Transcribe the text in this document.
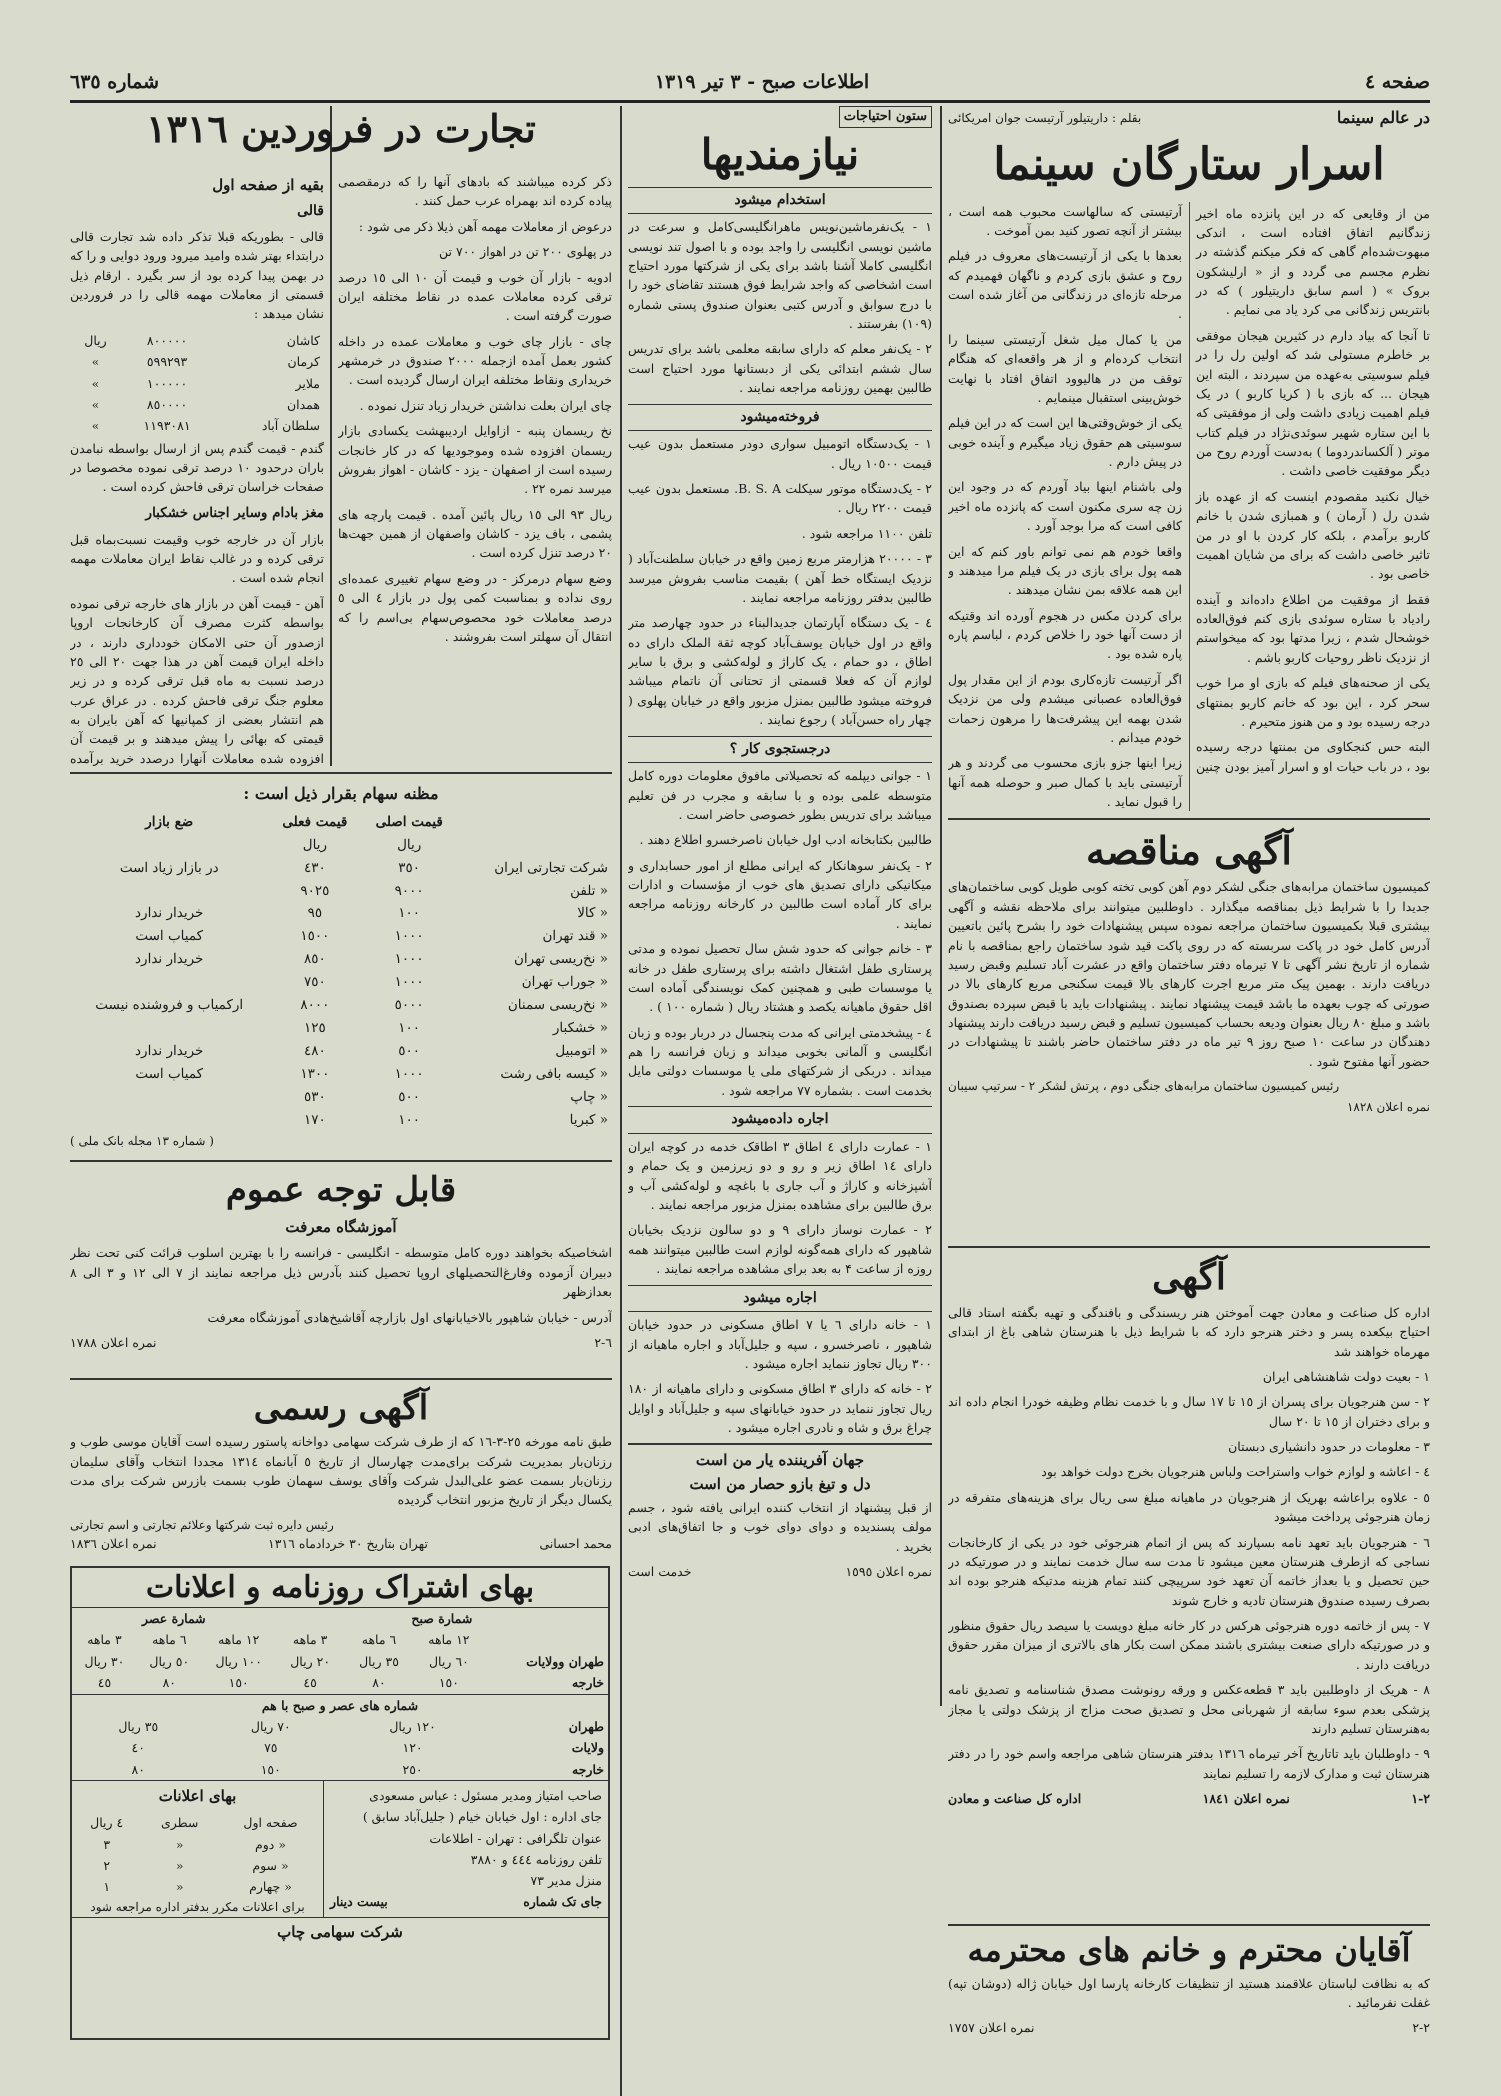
صفحه ٤
اطلاعات صبح - ٣ تیر ١٣١٩
شماره ٦٣٥
در عالم سینما
بقلم : داریتیلور آرتیست جوان امریکائی
اسرار ستارگان سینما

من از وقایعی که در این پانزده ماه اخیر زندگانیم اتفاق افتاده است ، اندکی مبهوت‌شده‌ام گاهی که فکر میکنم گذشته در نظرم مجسم می گردد و از « ارلیشکون بروک » ( اسم سابق داریتیلور ) که در بانتریس زندگانی می کرد یاد می نمایم .

تا آنجا که بیاد دارم در کثیرین هیجان موفقی بر خاطرم مستولی شد که اولین رل را در فیلم سوسیتی به‌عهده من سپردند ، البته این هیجان ... که بازی با ( کریا کاربو ) در یک فیلم اهمیت زیادی داشت ولی از موفقیتی که با این ستاره شهیر سوئدی‌نژاد در فیلم کتاب موتر ( آلکساندردوما ) به‌دست آوردم روح من دیگر موفقیت خاصی داشت .

خیال نکنید مقصودم اینست که از عهده باز شدن رل ( آرمان ) و همبازی شدن با خانم کاربو برآمدم ، بلکه کار کردن با او در من تاثیر خاصی داشت که برای من شایان اهمیت خاصی بود .

فقط از موفقیت من اطلاع داده‌اند و آینده رادیاد با ستاره سوئدی بازی کنم فوق‌العاده خوشحال شدم ، زیرا مدتها بود که میخواستم از نزدیک ناظر روحیات کاربو باشم .

یکی از صحنه‌های فیلم که بازی او مرا خوب سحر کرد ، این بود که خانم کاربو بمنتهای درجه رسیده بود و من هنوز متحیرم .

البته حس کنجکاوی من بمنتها درجه رسیده بود ، در باب حیات او و اسرار آمیز بودن چنین آرتیستی که سالهاست محبوب همه است ، بیشتر از آنچه تصور کنید بمن آموخت .

بعدها با یکی از آرتیست‌های معروف در فیلم روح و عشق بازی کردم و ناگهان فهمیدم که مرحله تازه‌ای در زندگانی من آغاز شده است .

من یا کمال میل شغل آرتیستی سینما را انتخاب کرده‌ام و از هر واقعه‌ای که هنگام توقف من در هالیوود اتفاق افتاد با نهایت خوش‌بینی استقبال مینمایم .

یکی از خوش‌وقتی‌ها این است که در این فیلم سوسیتی هم حقوق زیاد میگیرم و آینده خوبی در پیش دارم .

ولی باشنام اینها بیاد آوردم که در وجود این زن چه سری مکنون است که پانزده ماه اخیر کافی است که مرا بوجد آورد .

واقعا خودم هم نمی توانم باور کنم که این همه پول برای بازی در یک فیلم مرا میدهند و این همه علاقه بمن نشان میدهند .

برای کردن مکس در هجوم آورده اند وقتیکه از دست آنها خود را خلاص کردم ، لباسم پاره پاره شده بود .

اگر آرتیست تازه‌کاری بودم از این مقدار پول فوق‌العاده عصبانی میشدم ولی من نزدیک شدن بهمه این پیشرفت‌ها را مرهون زحمات خودم میدانم .

زیرا اینها جزو بازی محسوب می گردند و هر آرتیستی باید با کمال صبر و حوصله همه آنها را قبول نماید .

آگهی مناقصه

کمیسیون ساختمان مرابه‌های جنگی لشکر دوم آهن کوبی تخته کوبی طویل کوبی ساختمان‌های جدیدا را با شرایط ذیل بمناقصه میگذارد . داوطلبین میتوانند برای ملاحظه نقشه و آگهی بیشتری قبلا بکمیسیون ساختمان مراجعه نموده سپس پیشنهادات خود را بشرح پائین باتعیین آدرس کامل خود در پاکت سربسته که در روی پاکت قید شود ساختمان راجع بمناقصه با نام شماره از تاریخ نشر آگهی تا ٧ تیرماه دفتر ساختمان واقع در عشرت آباد تسلیم وقبض رسید دریافت دارند . بهمین پیک متر مربع اجرت کارهای بالا قیمت سکنجی مربع کارهای بالا در صورتی که چوب بعهده ما باشد قیمت پیشنهاد نمایند . پیشنهادات باید با قبض سپرده بصندوق باشد و مبلغ ٨٠ ریال بعنوان ودیعه بحساب کمیسیون تسلیم و قبض رسید دریافت دارند پیشنهاد دهندگان در ساعت ١٠ صبح روز ٩ تیر ماه در دفتر ساختمان حاضر باشند تا پیشنهادات در حضور آنها مفتوح شود .

رئیس کمیسیون ساختمان مرابه‌های جنگی دوم ، پرتش لشکر ٢ - سرتیپ سیبان
نمره اعلان ١٨٢٨
آگهی

اداره کل صناعت و معادن جهت آموختن هنر ریسندگی و بافندگی و تهیه بگفته استاد قالی احتیاج بیکعده پسر و دختر هنرجو دارد که با شرایط ذیل با هنرستان شاهی باغ از ابتدای مهرماه خواهند شد

١ - بعیت دولت شاهنشاهی ایران

٢ - سن هنرجویان برای پسران از ١٥ تا ١٧ سال و با خدمت نظام وظیفه خودرا انجام داده اند و برای دختران از ١٥ تا ٢٠ سال

٣ - معلومات در حدود دانشیاری دبستان

٤ - اعاشه و لوازم خواب واستراحت ولباس هنرجویان بخرج دولت خواهد بود

٥ - علاوه براعاشه بهریک از هنرجویان در ماهیانه مبلغ سی ریال برای هزینه‌های متفرقه در زمان هنرجوئی پرداخت میشود

٦ - هنرجویان باید تعهد نامه بسپارند که پس از اتمام هنرجوئی خود در یکی از کارخانجات نساجی که ازطرف هنرستان معین میشود تا مدت سه سال خدمت نمایند و در صورتیکه در حین تحصیل و یا بعداز خاتمه آن تعهد خود سرپیچی کنند تمام هزینه مدتیکه هنرجو بوده اند بصرف رسیده صندوق هنرستان تادیه و خارج شوند

٧ - پس از خاتمه دوره هنرجوئی هرکس در کار خانه مبلغ دویست یا سیصد ریال حقوق منظور و در صورتیکه دارای صنعت بیشتری باشند ممکن است بکار های بالاتری از میزان مقرر حقوق دریافت دارند .

٨ - هریک از داوطلبین باید ٣ قطعه‌عکس و ورقه رونوشت مصدق شناسنامه و تصدیق نامه پزشکی بعدم سوء سابقه از شهربانی محل و تصدیق صحت مزاج از پزشک دولتی یا مجاز به‌هنرستان تسلیم دارند

٩ - داوطلبان باید تاتاریخ آخر تیرماه ١٣١٦ بدفتر هنرستان شاهی مراجعه واسم خود را در دفتر هنرستان ثبت و مدارک لازمه را تسلیم نمایند

٢-١
نمره اعلان ١٨٤١
اداره کل صناعت و معادن
آقایان محترم و خانم های محترمه

که به نظافت لباستان علاقمند هستید از تنظیفات کارخانه پارسا اول خیابان ژاله (دوشان تپه) غفلت نفرمائید .

٢-٢
نمره اعلان ١٧٥٧
ستون احتیاجات
نیازمندیها
استخدام میشود

١ - یک‌نفرماشین‌نویس ماهرانگلیسی‌کامل و سرعت در ماشین نویسی انگلیسی را واجد بوده و با اصول تند نویسی انگلیسی کاملا آشنا باشد برای یکی از شرکتها مورد احتیاج است اشخاصی که واجد شرایط فوق هستند تقاضای خود را با درج سوابق و آدرس کتبی بعنوان صندوق پستی شماره (١٠٩) بفرستند .

٢ - یک‌نفر معلم که دارای سابقه معلمی باشد برای تدریس سال ششم ابتدائی یکی از دبستانها مورد احتیاج است طالبین بهمین روزنامه مراجعه نمایند .

فروخته‌میشود

١ - یک‌دستگاه اتومبیل سواری دودر مستعمل بدون عیب قیمت ١٠٥٠٠ ریال .

٢ - یک‌دستگاه موتور سیکلت B. S. A. مستعمل بدون عیب قیمت ٢٢٠٠ ریال .

تلفن ١١٠٠ مراجعه شود .

٣ - ٢٠٠٠٠ هزارمتر مربع زمین واقع در خیابان سلطنت‌آباد ( نزدیک ایستگاه خط آهن ) بقیمت مناسب بفروش میرسد طالبین بدفتر روزنامه مراجعه نمایند .

٤ - یک دستگاه آپارتمان جدیدالبناء در حدود چهارصد متر واقع در اول خیابان یوسف‌آباد کوچه ثقة الملک دارای ده اطاق ، دو حمام ، یک کاراژ و لوله‌کشی و برق با سایر لوازم آن که فعلا قسمتی از تحتانی آن ناتمام میباشد فروخته میشود طالبین بمنزل مزبور واقع در خیابان پهلوی ( چهار راه حسن‌آباد ) رجوع نمایند .

درجستجوی کار ؟

١ - جوانی دیپلمه که تحصیلاتی مافوق معلومات دوره کامل متوسطه علمی بوده و با سابقه و مجرب در فن تعلیم میباشد برای تدریس بطور خصوصی حاضر است .

طالبین بکتابخانه ادب اول خیابان ناصرخسرو اطلاع دهند .

٢ - یک‌نفر سوهانکار که ایرانی مطلع از امور حسابداری و میکانیکی دارای تصدیق های خوب از مؤسسات و ادارات برای کار آماده است طالبین در کارخانه روزنامه مراجعه نمایند .

٣ - خانم جوانی که حدود شش سال تحصیل نموده و مدتی پرستاری طفل اشتغال داشته برای پرستاری طفل در خانه یا موسسات طبی و همچنین کمک نویسندگی آماده است اقل حقوق ماهیانه یکصد و هشتاد ریال ( شماره ١٠٠ ) .

٤ - پیشخدمتی ایرانی که مدت پنجسال در دربار بوده و زبان انگلیسی و آلمانی بخوبی میداند و زبان فرانسه را هم میداند . دربکی از شرکتهای ملی یا موسسات دولتی مایل بخدمت است . بشماره ٧٧ مراجعه شود .

اجاره داده‌میشود

١ - عمارت دارای ٤ اطاق ٣ اطاقک خدمه در کوچه ایران دارای ١٤ اطاق زیر و رو و دو زیرزمین و یک حمام و آشپزخانه و کاراژ و آب جاری با باغچه و لوله‌کشی آب و برق طالبین برای مشاهده بمنزل مزبور مراجعه نمایند .

٢ - عمارت نوساز دارای ٩ و دو سالون نزدیک بخیابان شاهپور که دارای همه‌گونه لوازم است طالبین میتوانند همه روزه از ساعت ۴ به بعد برای مشاهده مراجعه نمایند .

اجاره میشود

١ - خانه دارای ٦ یا ٧ اطاق مسکونی در حدود خیابان شاهپور ، ناصرخسرو ، سپه و جلیل‌آباد و اجاره ماهیانه از ٣٠٠ ریال تجاوز ننماید اجاره میشود .

٢ - خانه که دارای ٣ اطاق مسکونی و دارای ماهیانه از ١٨٠ ریال تجاوز ننماید در حدود خیابانهای سپه و جلیل‌آباد و اوایل چراغ برق و شاه و نادری اجاره میشود .

جهان آفریننده یار من است
دل و تیغ بازو حصار من است

از قبل پیشنهاد از انتخاب کننده ایرانی یافته شود ، جسم مولف پسندیده و دوای دوای خوب و جا اتفاق‌های ادبی بخرید .

نمره اعلان ١٥٩٥
خدمت است
تجارت در فروردین ١٣١٦

ذکر کرده میباشند که بادهای آنها را که درمقصمی پیاده کرده اند بهمراه عرب حمل کنند .

درعوض از معاملات مهمه آهن ذیلا ذکر می شود :

در پهلوی ٢٠٠ تن در اهواز ٧٠٠ تن

ادویه - بازار آن خوب و قیمت آن ١٠ الی ١٥ درصد ترقی کرده معاملات عمده در نقاط مختلفه ایران صورت گرفته است .

چای - بازار چای خوب و معاملات عمده در داخله کشور بعمل آمده ازجمله ٢٠٠٠ صندوق در خرمشهر خریداری ونقاط مختلفه ایران ارسال گردیده است .

چای ایران بعلت نداشتن خریدار زیاد تنزل نموده .

نخ ریسمان پنبه - ازاوایل اردیبهشت یکسادی بازار ریسمان افزوده شده وموجودیها که در کار خانجات رسیده است از اصفهان - یزد - کاشان - اهواز بفروش میرسد نمره ٢٢ .

ریال ٩٣ الی ١٥ ریال پائین آمده . قیمت پارچه های پشمی ، باف یزد - کاشان واصفهان از همین جهت‌ها ٢٠ درصد تنزل کرده است .

وضع سهام درمرکز - در وضع سهام تغییری عمده‌ای روی نداده و بمناسبت کمی پول در بازار ٤ الی ٥ درصد معاملات خود محصوص‌سهام بی‌اسم را که انتقال آن سهلتر است بفروشند .

بقیه از صفحه اول
قالی

قالی - بطوریکه قبلا تذکر داده شد تجارت قالی درابتداء بهتر شده وامید میرود ورود دوایی و را که در بهمن پیدا کرده بود از سر بگیرد . ارقام ذیل قسمتی از معاملات مهمه قالی را در فروردین نشان میدهد :

کاشان	٨٠٠٠٠٠	ریال
کرمان	٥٩٩٢٩٣	»
ملایر	١٠٠٠٠٠	»
همدان	٨٥٠٠٠٠	»
سلطان آباد	١١٩٣٠٨١	»

گندم - قیمت گندم پس از ارسال بواسطه نبامدن باران درحدود ١٠ درصد ترقی نموده مخصوصا در صفحات خراسان ترقی فاحش کرده است .

مغز بادام وسایر اجناس خشکبار

بازار آن در خارجه خوب وقیمت نسبت‌بماه قبل ترقی کرده و در غالب نقاط ایران معاملات مهمه انجام شده است .

آهن - قیمت آهن در بازار های خارجه ترقی نموده بواسطه کثرت مصرف آن کارخانجات اروپا ازصدور آن حتی الامکان خودداری دارند ، در داخله ایران قیمت آهن در هذا جهت ٢٠ الی ٢٥ درصد نسبت به ماه قبل ترقی کرده و در زیر معلوم جنگ ترقی فاحش کرده . در عراق عرب هم انتشار بعضی از کمپانیها که آهن بایران به قیمتی که بهائی را پیش میدهند و بر قیمت آن افزوده شده معاملات آنهارا درصدد خرید برآمده

مظنه سهام بقرار ذیل است :
	قیمت اصلی	قیمت فعلی	ضع بازار
	ریال	ریال	
شرکت تجارتی ایران	٣٥٠	٤٣٠	در بازار زیاد است
« تلفن	٩٠٠٠	٩٠٢٥	
« کالا	١٠٠	٩٥	خریدار ندارد
« قند تهران	١٠٠٠	١٥٠٠	کمیاب است
« نخ‌ریسی تهران	١٠٠٠	٨٥٠	خریدار ندارد
« جوراب تهران	١٠٠٠	٧٥٠	
« نخ‌ریسی سمنان	٥٠٠٠	٨٠٠٠	ارکمیاب و فروشنده نیست
« خشکبار	١٠٠	١٢٥	
« اتومبیل	٥٠٠	٤٨٠	خریدار ندارد
« کیسه بافی رشت	١٠٠٠	١٣٠٠	کمیاب است
« چاپ	٥٠٠	٥٣٠	
« کبریا	١٠٠	١٧٠	
( شماره ١٣ مجله بانک ملی )
قابل توجه عموم
آموزشگاه معرفت

اشخاصیکه بخواهند دوره کامل متوسطه - انگلیسی - فرانسه را با بهترین اسلوب قرائت کنی تحت نظر دبیران آزموده وفارغ‌التحصیلهای اروپا تحصیل کنند بآدرس ذیل مراجعه نمایند از ٧ الی ١٢ و ٣ الی ٨ بعدازظهر

آدرس - خیابان شاهپور بالاخیابانهای اول بازارچه آقاشیخ‌هادی آموزشگاه معرفت

٦-٢
نمره اعلان ١٧٨٨
آگهی رسمی

طبق نامه مورخه ٢٥-٣-١٦ که از طرف شرکت سهامی دواخانه پاستور رسیده است آقایان موسی طوب و رزنان‌بار بمدیریت شرکت برای‌مدت چهار‌سال از تاریخ ٥ آبانماه ١٣١٤ مجددا انتخاب وآقای سلیمان رزنان‌بار بسمت عضو علی‌البدل شرکت وآقای یوسف سهمان طوب بسمت بازرس شرکت برای مدت یکسال دیگر از تاریخ مزبور انتخاب گردیده

رئیس دایره ثبت شرکتها وعلائم تجارتی و اسم تجارتی
محمد احسانی
تهران بتاریخ ٣٠ خردادماه ١٣١٦
نمره اعلان ١٨٣٦
بهای اشتراک روزنامه و اعلانات
شمارة صبح			
	١٢ ماهه	٦ ماهه	٣ ماهه
طهران وولایات	٦٠ ریال	٣٥ ریال	٢٠ ریال
خارجه	١٥٠	٨٠	٤٥
شمارة عصر		
١٢ ماهه	٦ ماهه	٣ ماهه
١٠٠ ریال	٥٠ ریال	٣٠ ریال
١٥٠	٨٠	٤٥
شماره های عصر و صبح با هم			
طهران	١٢٠ ریال	٧٠ ریال	٣٥ ریال
ولایات	١٢٠	٧٥	٤٠
خارجه	٢٥٠	١٥٠	٨٠
صاحب امتیاز ومدیر مسئول : عباس مسعودی
جای اداره : اول خیابان خیام ( جلیل‌آباد سابق )
عنوان تلگرافی : تهران - اطلاعات
تلفن روزنامه ٤٤٤ و ٣٨٨٠
منزل مدیر ٧٣
جای تک شماره
بیست دینار
بهای اعلانات
صفحه اول	سطری	٤ ریال
« دوم	«	٣
« سوم	«	٢
« چهارم	«	١
برای اعلانات مکرر بدفتر اداره مراجعه شود
شرکت سهامی چاپ
